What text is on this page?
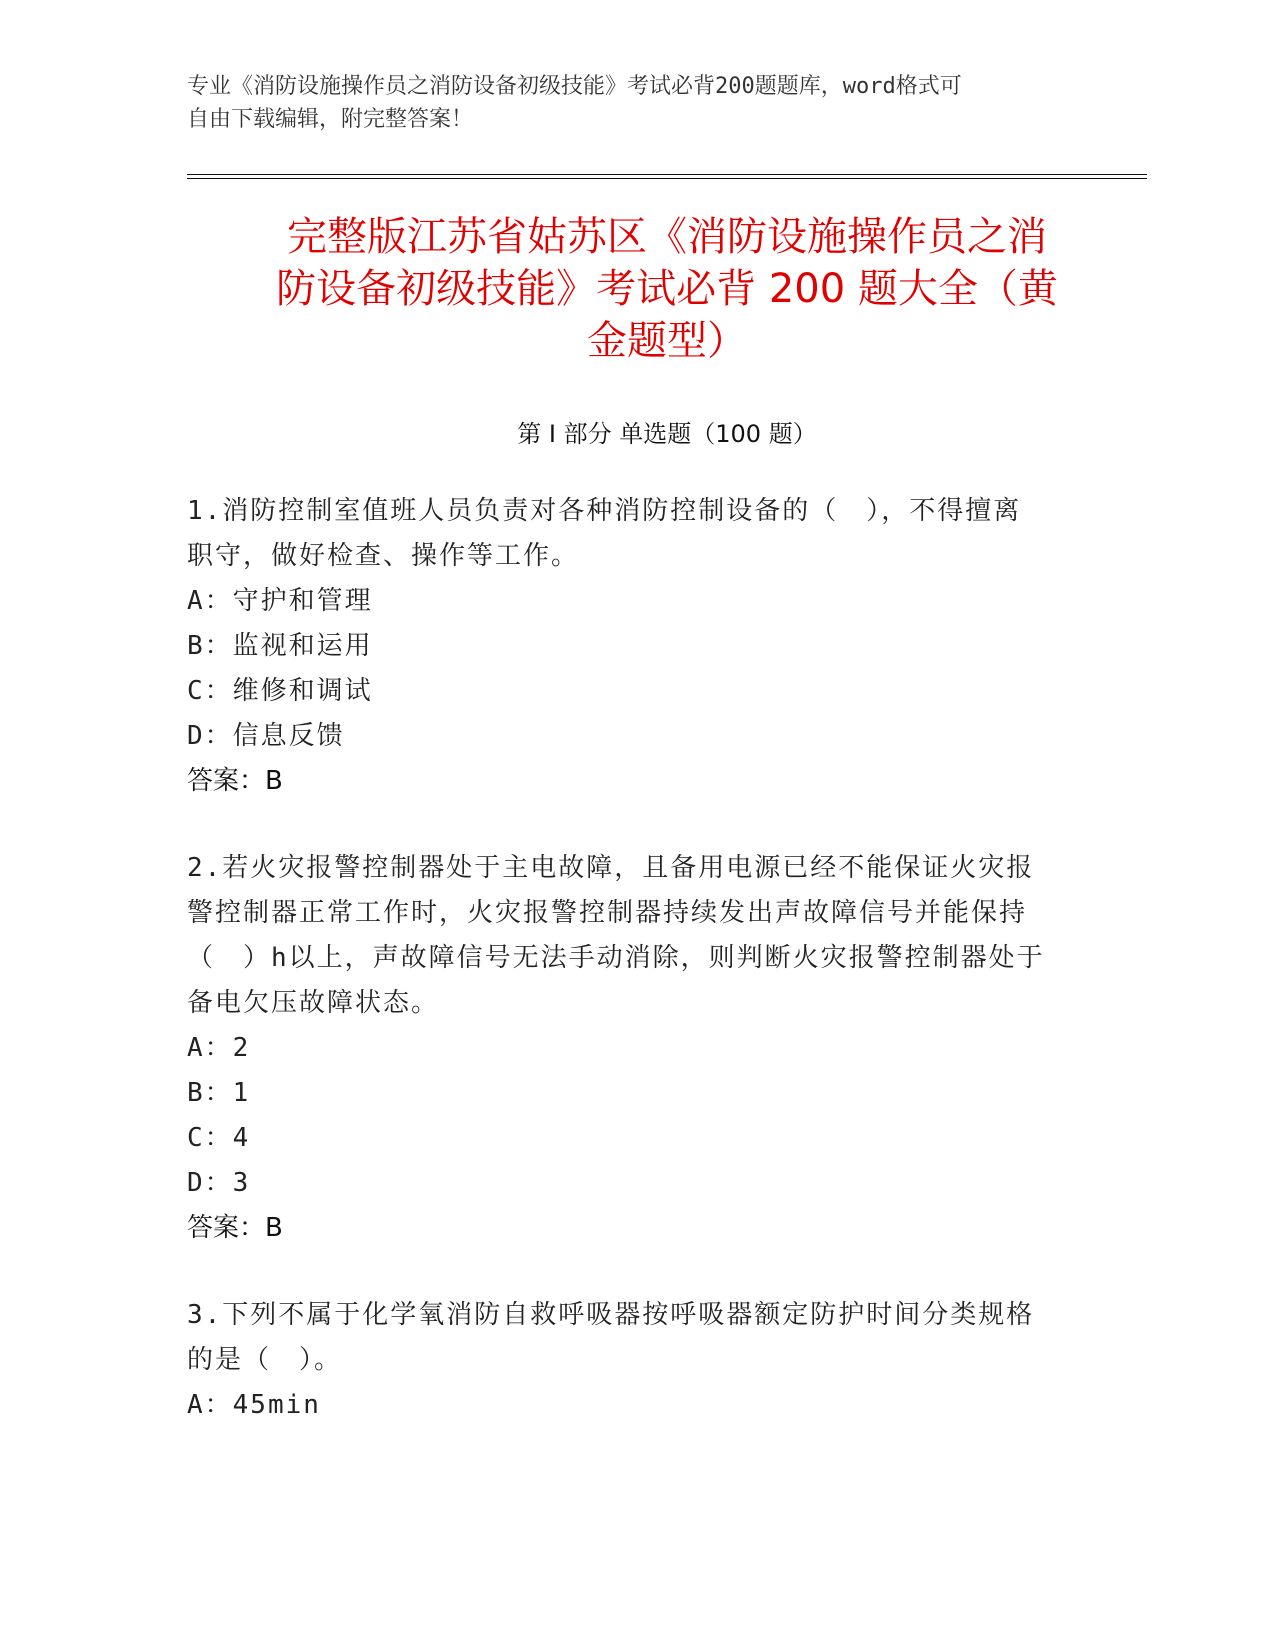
专业《消防设施操作员之消防设备初级技能》考试必背200题题库，word格式可

自由下载编辑，附完整答案！

完整版江苏省姑苏区《消防设施操作员之消
防设备初级技能》考试必背 200 题大全（黄
金题型）
第 I 部分 单选题（100 题）

1.消防控制室值班人员负责对各种消防控制设备的（　），不得擅离

职守，做好检查、操作等工作。

A：守护和管理

B：监视和运用

C：维修和调试

D：信息反馈

答案：B

2.若火灾报警控制器处于主电故障，且备用电源已经不能保证火灾报

警控制器正常工作时，火灾报警控制器持续发出声故障信号并能保持

（　）h以上，声故障信号无法手动消除，则判断火灾报警控制器处于

备电欠压故障状态。

A：2

B：1

C：4

D：3

答案：B

3.下列不属于化学氧消防自救呼吸器按呼吸器额定防护时间分类规格

的是（　）。

A：45min
